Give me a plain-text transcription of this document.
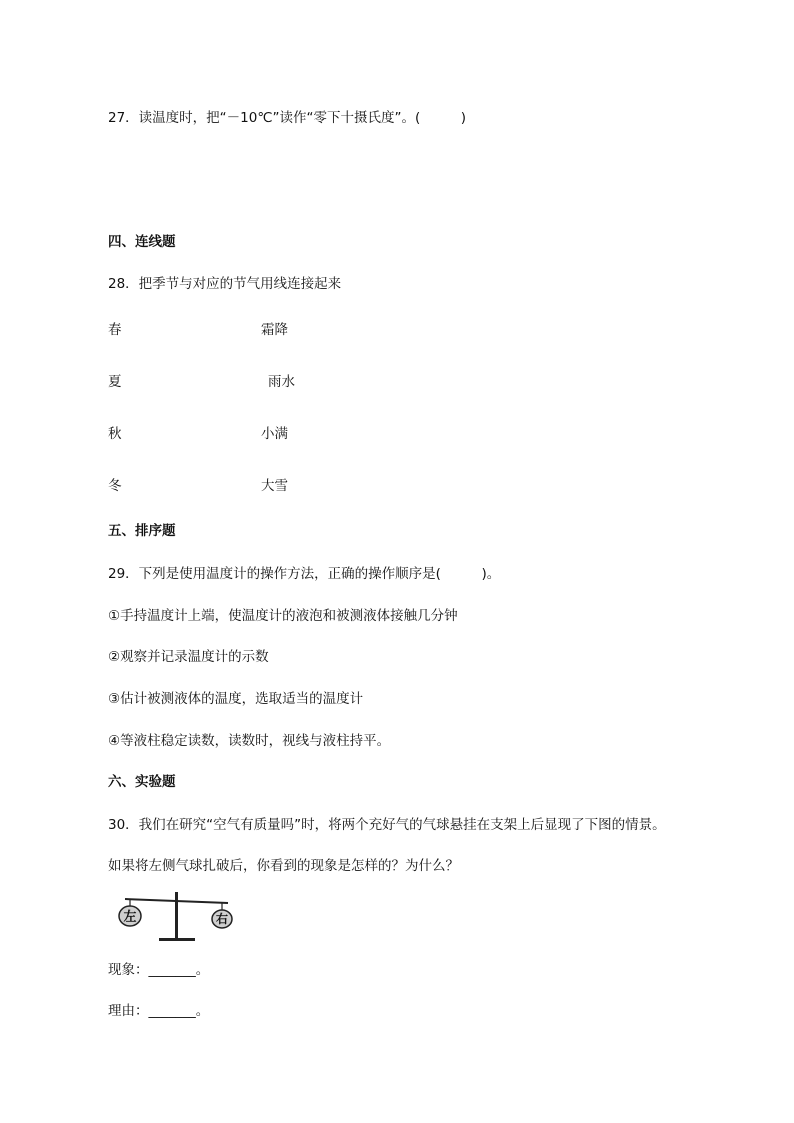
27．读温度时，把“－10℃”读作“零下十摄氏度”。(　　　)
四、连线题
28．把季节与对应的节气用线连接起来
春	霜降
夏	雨水
秋	小满
冬	大雪
五、排序题
29．下列是使用温度计的操作方法，正确的操作顺序是(　　　)。
①手持温度计上端，使温度计的液泡和被测液体接触几分钟
②观察并记录温度计的示数
③估计被测液体的温度，选取适当的温度计
④等液柱稳定读数，读数时，视线与液柱持平。
六、实验题
30．我们在研究“空气有质量吗”时，将两个充好气的气球悬挂在支架上后显现了下图的情景。
如果将左侧气球扎破后，你看到的现象是怎样的？为什么？
左	右
现象：_______。
理由：_______。
